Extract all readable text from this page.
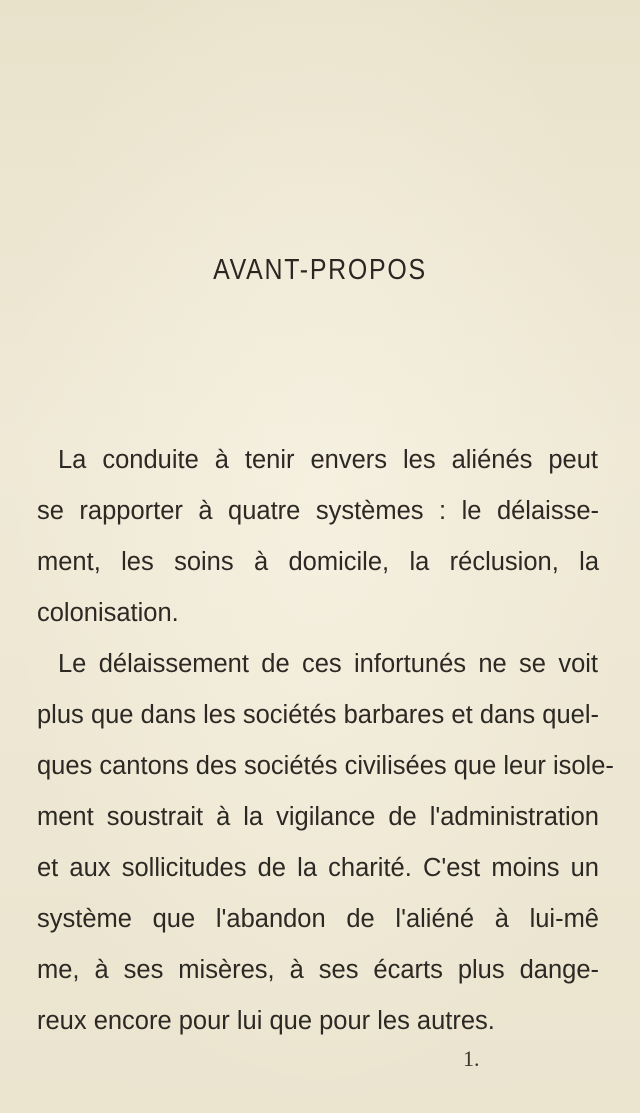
AVANT-PROPOS
La conduite à tenir envers les aliénés peut
se rapporter à quatre systèmes : le délaisse-
ment, les soins à domicile, la réclusion, la
colonisation.
Le délaissement de ces infortunés ne se voit
plus que dans les sociétés barbares et dans quel-
ques cantons des sociétés civilisées que leur isole-
ment soustrait à la vigilance de l'administration
et aux sollicitudes de la charité. C'est moins un
système que l'abandon de l'aliéné à lui-mê
me, à ses misères, à ses écarts plus dange-
reux encore pour lui que pour les autres.
1.
